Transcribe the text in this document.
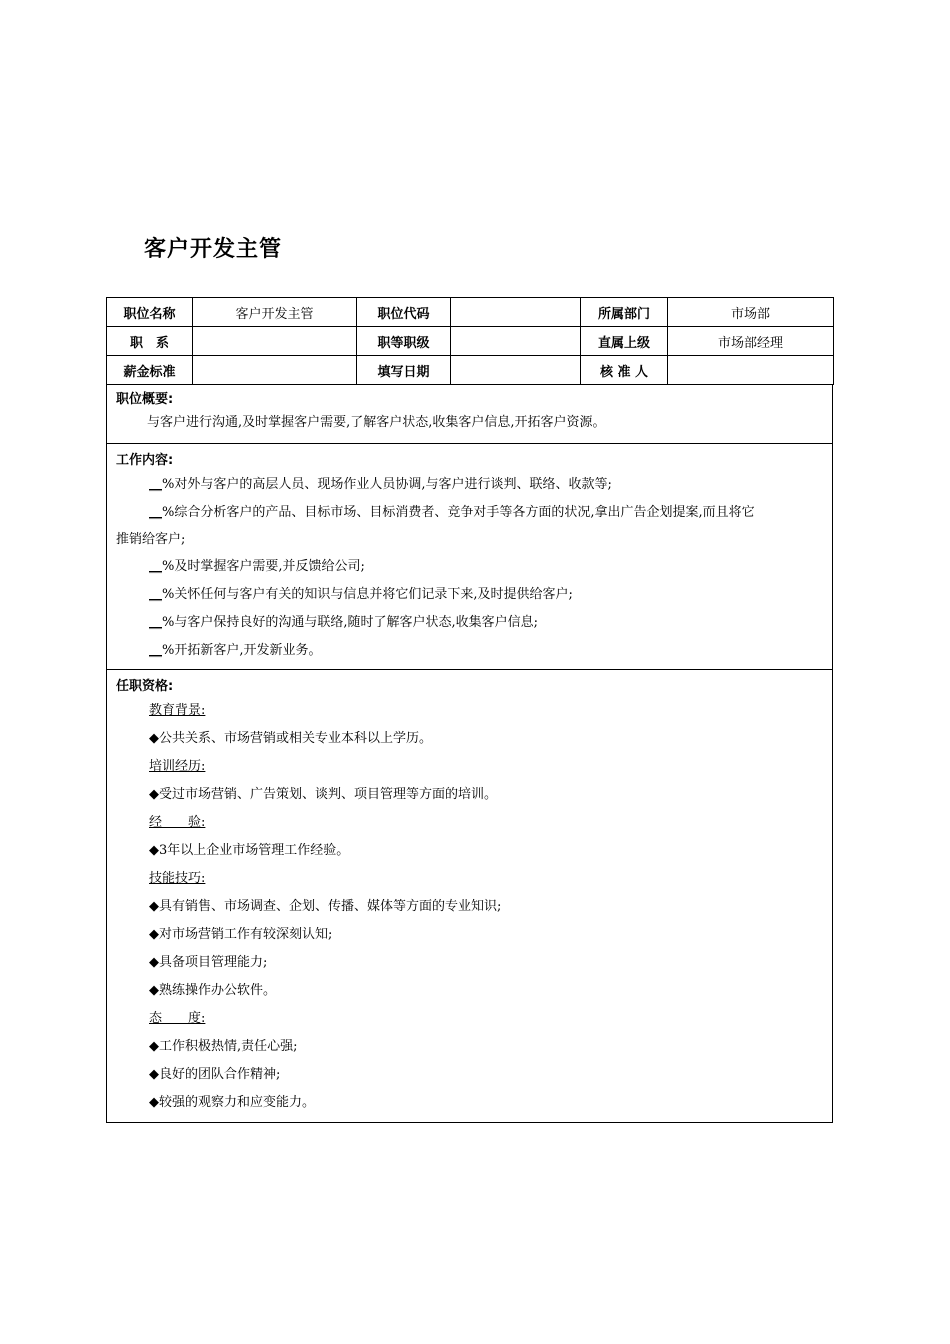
客户开发主管
职位名称	客户开发主管	职位代码		所属部门	市场部
职　系		职等职级		直属上级	市场部经理
薪金标准		填写日期		核 准 人	
职位概要:
与客户进行沟通,及时掌握客户需要,了解客户状态,收集客户信息,开拓客户资源。
工作内容:
__%对外与客户的高层人员、现场作业人员协调,与客户进行谈判、联络、收款等;
__%综合分析客户的产品、目标市场、目标消费者、竞争对手等各方面的状况,拿出广告企划提案,而且将它
推销给客户;
__%及时掌握客户需要,并反馈给公司;
__%关怀任何与客户有关的知识与信息并将它们记录下来,及时提供给客户;
__%与客户保持良好的沟通与联络,随时了解客户状态,收集客户信息;
__%开拓新客户,开发新业务。
任职资格:
教育背景:
◆公共关系、市场营销或相关专业本科以上学历。
培训经历:
◆受过市场营销、广告策划、谈判、项目管理等方面的培训。
经　　验:
◆3年以上企业市场管理工作经验。
技能技巧:
◆具有销售、市场调查、企划、传播、媒体等方面的专业知识;
◆对市场营销工作有较深刻认知;
◆具备项目管理能力;
◆熟练操作办公软件。
态　　度:
◆工作积极热情,责任心强;
◆良好的团队合作精神;
◆较强的观察力和应变能力。
